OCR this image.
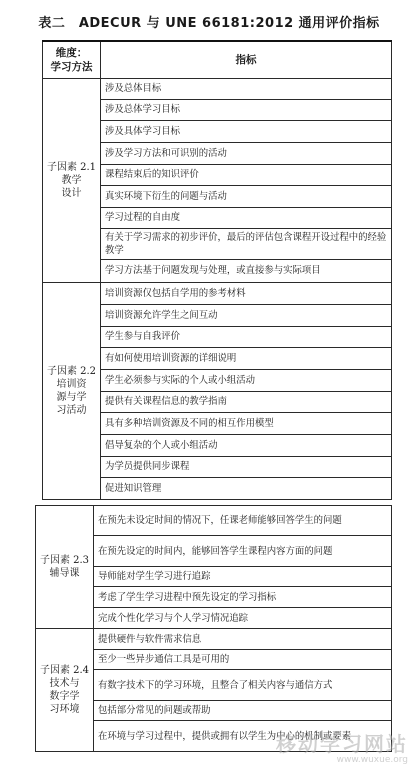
表二　ADECUR 与 UNE 66181:2012 通用评价指标
维度：
学习方法	指标
子因素 2.1
教学
设计	涉及总体目标
	涉及总体学习目标
	涉及具体学习目标
	涉及学习方法和可识别的活动
	课程结束后的知识评价
	真实环境下衍生的问题与活动
	学习过程的自由度
	有关于学习需求的初步评价，最后的评估包含课程开设过程中的经验教学
	学习方法基于问题发现与处理，或直接参与实际项目
子因素 2.2
培训资
源与学
习活动	培训资源仅包括自学用的参考材料
	培训资源允许学生之间互动
	学生参与自我评价
	有如何使用培训资源的详细说明
	学生必须参与实际的个人或小组活动
	提供有关课程信息的教学指南
	具有多种培训资源及不同的相互作用模型
	倡导复杂的个人或小组活动
	为学员提供同步课程
	促进知识管理
子因素 2.3
辅导课	在预先未设定时间的情况下，任课老师能够回答学生的问题
	在预先设定的时间内，能够回答学生课程内容方面的问题
	导师能对学生学习进行追踪
	考虑了学生学习进程中预先设定的学习指标
	完成个性化学习与个人学习情况追踪
子因素 2.4
技术与
数字学
习环境	提供硬件与软件需求信息
	至少一些异步通信工具是可用的
	有数字技术下的学习环境，且整合了相关内容与通信方式
	包括部分常见的问题或帮助
	在环境与学习过程中，提供或拥有以学生为中心的机制或要素
移动学习网站
www.wuxue.org
